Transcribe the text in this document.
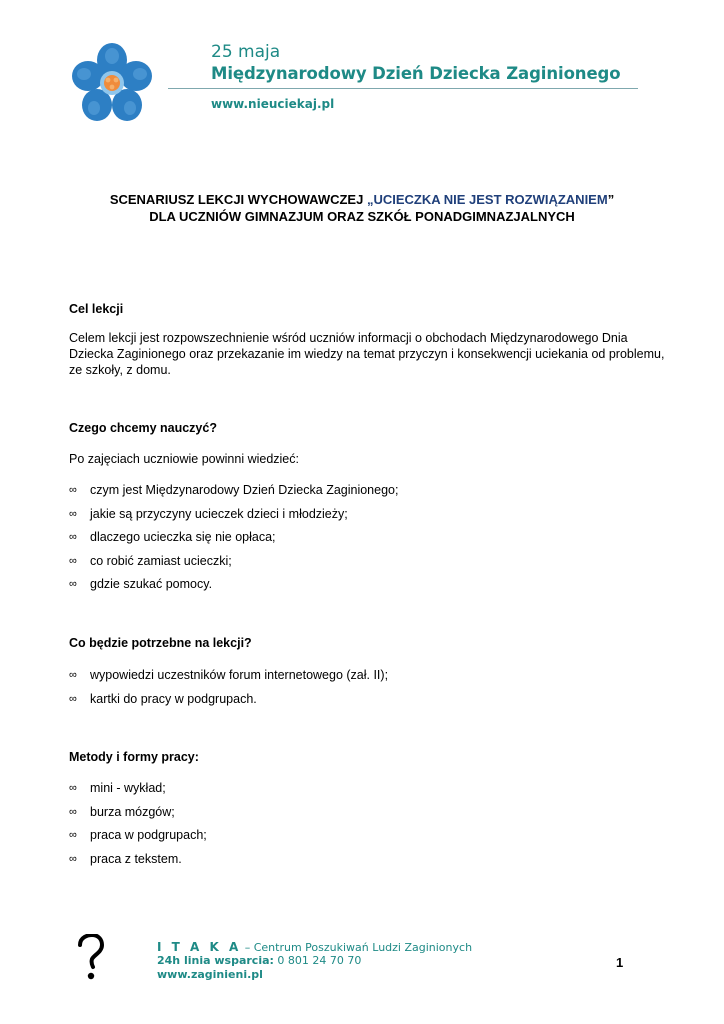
25 maja
Międzynarodowy Dzień Dziecka Zaginionego
www.nieuciekaj.pl
SCENARIUSZ LEKCJI WYCHOWAWCZEJ „UCIECZKA NIE JEST ROZWIĄZANIEM”
DLA UCZNIÓW GIMNAZJUM ORAZ SZKÓŁ PONADGIMNAZJALNYCH
Cel lekcji
Celem lekcji jest rozpowszechnienie wśród uczniów informacji o obchodach Międzynarodowego Dnia Dziecka Zaginionego oraz przekazanie im wiedzy na temat przyczyn i konsekwencji uciekania od problemu, ze szkoły, z domu.
Czego chcemy nauczyć?
Po zajęciach uczniowie powinni wiedzieć:
∞ czym jest Międzynarodowy Dzień Dziecka Zaginionego;
∞ jakie są przyczyny ucieczek dzieci i młodzieży;
∞ dlaczego ucieczka się nie opłaca;
∞ co robić zamiast ucieczki;
∞ gdzie szukać pomocy.
Co będzie potrzebne na lekcji?
∞ wypowiedzi uczestników forum internetowego (zał. II);
∞ kartki do pracy w podgrupach.
Metody i formy pracy:
∞ mini - wykład;
∞ burza mózgów;
∞ praca w podgrupach;
∞ praca z tekstem.
I T A K A – Centrum Poszukiwań Ludzi Zaginionych
24h linia wsparcia: 0 801 24 70 70
www.zaginieni.pl
1
